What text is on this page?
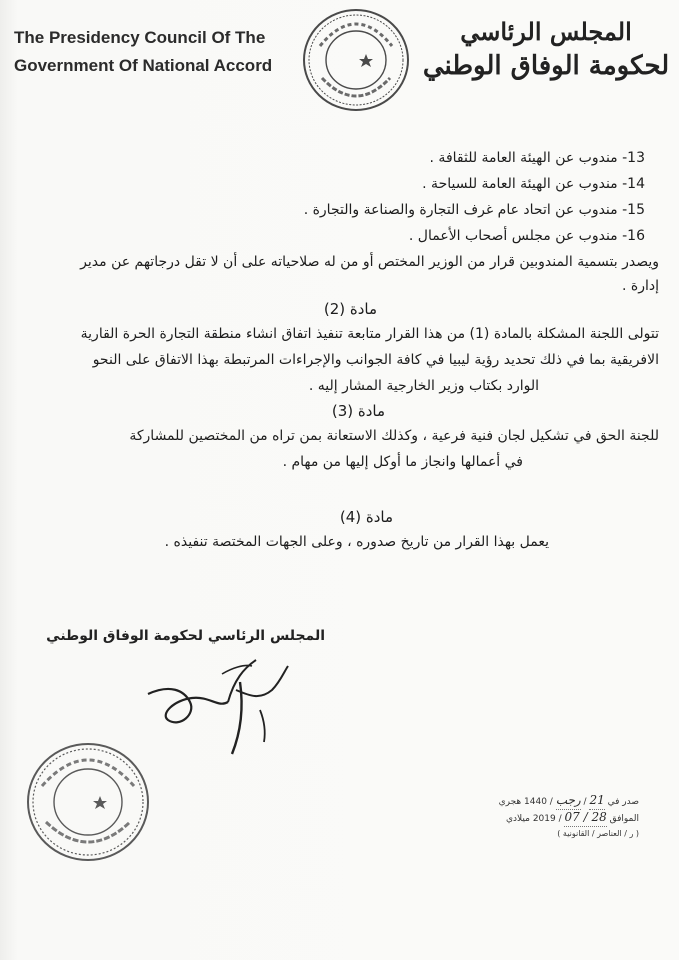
The Presidency Council Of The
Government Of National Accord
المجلس الرئاسي
لحكومة الوفاق الوطني
13- مندوب عن الهيئة العامة للثقافة .
14- مندوب عن الهيئة العامة للسياحة .
15- مندوب عن اتحاد عام غرف التجارة والصناعة والتجارة .
16- مندوب عن مجلس أصحاب الأعمال .
ويصدر بتسمية المندوبين قرار من الوزير المختص أو من له صلاحياته على أن لا تقل درجاتهم عن مدير
إدارة .
مادة (2)
تتولى اللجنة المشكلة بالمادة (1) من هذا القرار متابعة تنفيذ اتفاق انشاء منطقة التجارة الحرة القارية
الافريقية بما في ذلك تحديد رؤية ليبيا في كافة الجوانب والإجراءات المرتبطة بهذا الاتفاق على النحو
الوارد بكتاب وزير الخارجية المشار إليه .
مادة (3)
للجنة الحق في تشكيل لجان فنية فرعية ، وكذلك الاستعانة بمن تراه من المختصين للمشاركة
في أعمالها وانجاز ما أوكل إليها من مهام .
مادة (4)
يعمل بهذا القرار من تاريخ صدوره ، وعلى الجهات المختصة تنفيذه .
المجلس الرئاسي لحكومة الوفاق الوطني
صدر في 21 / رجب / 1440 هجري
الموافق 28 / 07 / 2019 ميلادي
( ر / العناصر / القانونية )
